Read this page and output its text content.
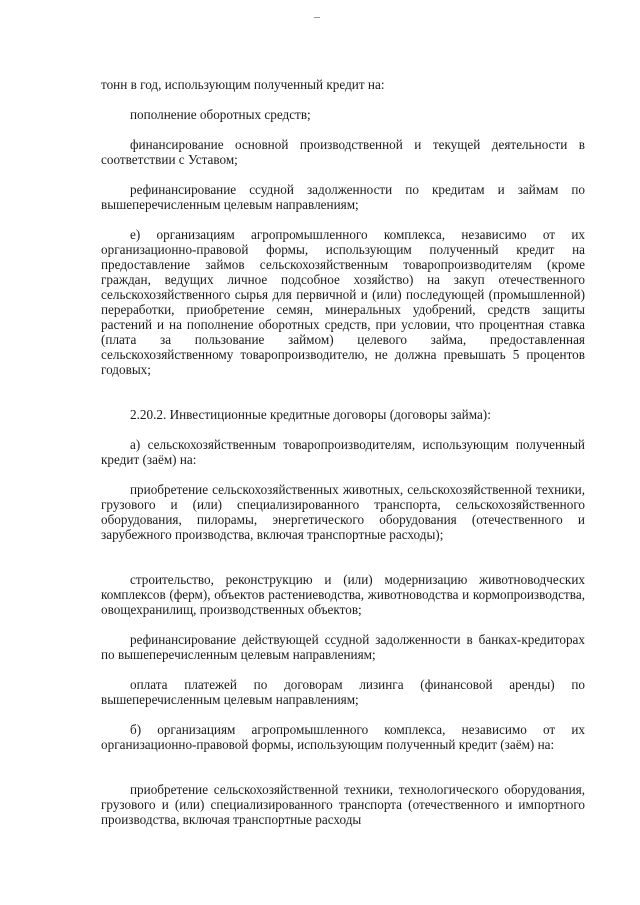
тонн в год, использующим полученный кредит на:

пополнение оборотных средств;

финансирование основной производственной и текущей деятельности в соответствии с Уставом;

рефинансирование ссудной задолженности по кредитам и займам по вышеперечисленным целевым направлениям;

е) организациям агропромышленного комплекса, независимо от их организационно-правовой формы, использующим полученный кредит на предоставление займов сельскохозяйственным товаропроизводителям (кроме граждан, ведущих личное подсобное хозяйство) на закуп отечественного сельскохозяйственного сырья для первичной и (или) последующей (промышленной) переработки, приобретение семян, минеральных удобрений, средств защиты растений и на пополнение оборотных средств, при условии, что процентная ставка (плата за пользование займом) целевого займа, предоставленная сельскохозяйственному товаропроизводителю, не должна превышать 5 процентов годовых;

2.20.2. Инвестиционные кредитные договоры (договоры займа):

а) сельскохозяйственным товаропроизводителям, использующим полученный кредит (заём) на:

приобретение сельскохозяйственных животных, сельскохозяйственной техники, грузового и (или) специализированного транспорта, сельскохозяйственного оборудования, пилорамы, энергетического оборудования (отечественного и зарубежного производства, включая транспортные расходы);

строительство, реконструкцию и (или) модернизацию животноводческих комплексов (ферм), объектов растениеводства, животноводства и кормопроизводства, овощехранилищ, производственных объектов;

рефинансирование действующей ссудной задолженности в банках-кредиторах по вышеперечисленным целевым направлениям;

оплата платежей по договорам лизинга (финансовой аренды) по вышеперечисленным целевым направлениям;

б) организациям агропромышленного комплекса, независимо от их организационно-правовой формы, использующим полученный кредит (заём) на:

приобретение сельскохозяйственной техники, технологического оборудования, грузового и (или) специализированного транспорта (отечественного и импортного производства, включая транспортные расходы
